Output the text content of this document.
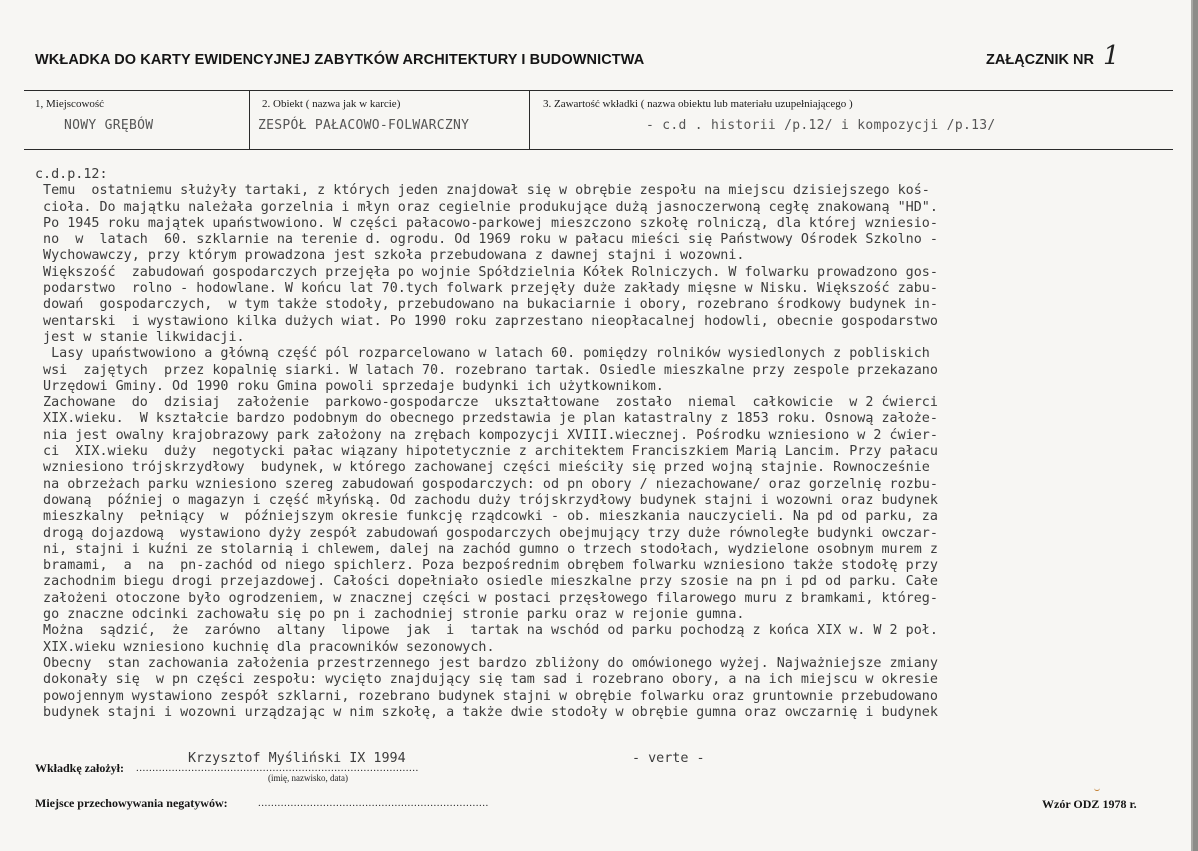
WKŁADKA DO KARTY EWIDENCYJNEJ ZABYTKÓW ARCHITEKTURY I BUDOWNICTWA	ZAŁĄCZNIK NR 1
1, Miejscowość
NOWY GRĘBÓW
2. Obiekt ( nazwa jak w karcie)
ZESPÓŁ PAŁACOWO-FOLWARCZNY
3. Zawartość wkładki ( nazwa obiektu lub materiału uzupełniającego )
- c.d . historii /p.12/ i kompozycji /p.13/
c.d.p.12:
Temu  ostatniemu służyły tartaki, z których jeden znajdował się w obrębie zespołu na miejscu dzisiejszego koś-
cioła. Do majątku należała gorzelnia i młyn oraz cegielnie produkujące dużą jasnoczerwoną cegłę znakowaną "HD".
Po 1945 roku majątek upaństwowiono. W części pałacowo-parkowej mieszczono szkołę rolniczą, dla której wzniesio-
no  w  latach  60. szklarnie na terenie d. ogrodu. Od 1969 roku w pałacu mieści się Państwowy Ośrodek Szkolno -
Wychowawczy, przy którym prowadzona jest szkoła przebudowana z dawnej stajni i wozowni.
Większość  zabudowań gospodarczych przejęła po wojnie Spółdzielnia Kółek Rolniczych. W folwarku prowadzono gos-
podarstwo  rolno - hodowlane. W końcu lat 70.tych folwark przejęły duże zakłady mięsne w Nisku. Większość zabu-
dowań  gospodarczych,  w tym także stodoły, przebudowano na bukaciarnie i obory, rozebrano środkowy budynek in-
wentarski  i wystawiono kilka dużych wiat. Po 1990 roku zaprzestano nieopłacalnej hodowli, obecnie gospodarstwo
jest w stanie likwidacji.
Lasy upaństwowiono a główną część pól rozparcelowano w latach 60. pomiędzy rolników wysiedlonych z pobliskich
wsi  zajętych  przez kopalnię siarki. W latach 70. rozebrano tartak. Osiedle mieszkalne przy zespole przekazano
Urzędowi Gminy. Od 1990 roku Gmina powoli sprzedaje budynki ich użytkownikom.
Zachowane  do  dzisiaj  założenie  parkowo-gospodarcze  ukształtowane  zostało  niemal  całkowicie  w 2 ćwierci
XIX.wieku.  W kształcie bardzo podobnym do obecnego przedstawia je plan katastralny z 1853 roku. Osnową założe-
nia jest owalny krajobrazowy park założony na zrębach kompozycji XVIII.wiecznej. Pośrodku wzniesiono w 2 ćwier-
ci  XIX.wieku  duży  negotycki pałac wiązany hipotetycznie z architektem Franciszkiem Marią Lancim. Przy pałacu
wzniesiono trójskrzydłowy  budynek, w którego zachowanej części mieściły się przed wojną stajnie. Rownocześnie
na obrzeżach parku wzniesiono szereg zabudowań gospodarczych: od pn obory / niezachowane/ oraz gorzelnię rozbu-
dowaną  później o magazyn i część młyńską. Od zachodu duży trójskrzydłowy budynek stajni i wozowni oraz budynek
mieszkalny  pełniący  w  późniejszym okresie funkcję rządcowki - ob. mieszkania nauczycieli. Na pd od parku, za
drogą dojazdową  wystawiono dyży zespół zabudowań gospodarczych obejmujący trzy duże równoległe budynki owczar-
ni, stajni i kuźni ze stolarnią i chlewem, dalej na zachód gumno o trzech stodołach, wydzielone osobnym murem z
bramami,  a  na  pn-zachód od niego spichlerz. Poza bezpośrednim obrębem folwarku wzniesiono także stodołę przy
zachodnim biegu drogi przejazdowej. Całości dopełniało osiedle mieszkalne przy szosie na pn i pd od parku. Całe
założeni otoczone było ogrodzeniem, w znacznej części w postaci przęsłowego filarowego muru z bramkami, któreg-
go znaczne odcinki zachowału się po pn i zachodniej stronie parku oraz w rejonie gumna.
Można  sądzić,  że  zarówno  altany  lipowe  jak  i  tartak na wschód od parku pochodzą z końca XIX w. W 2 poł.
XIX.wieku wzniesiono kuchnię dla pracowników sezonowych.
Obecny  stan zachowania założenia przestrzennego jest bardzo zbliżony do omówionego wyżej. Najważniejsze zmiany
dokonały się  w pn części zespołu: wycięto znajdujący się tam sad i rozebrano obory, a na ich miejscu w okresie
powojennym wystawiono zespół szklarni, rozebrano budynek stajni w obrębie folwarku oraz gruntownie przebudowano
budynek stajni i wozowni urządzając w nim szkołę, a także dwie stodoły w obrębie gumna oraz owczarnię i budynek
Wkładkę założył: .......................................................................................
Krzysztof Myśliński IX 1994	- verte -
(imię, nazwisko, data)
Miejsce przechowywania negatywów:	.......................................................................	Wzór ODZ 1978 r.
